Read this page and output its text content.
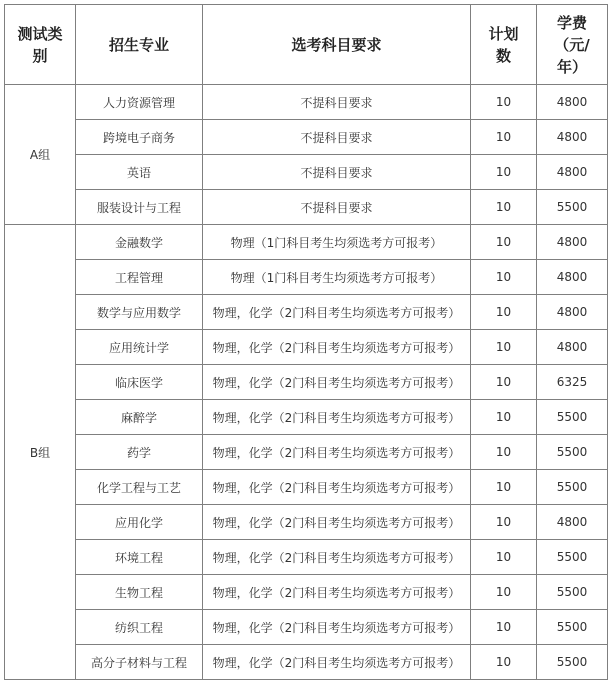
测试类别	招生专业	选考科目要求	计划数	学费（元/年）
A组	人力资源管理	不提科目要求	10	4800
	跨境电子商务	不提科目要求	10	4800
	英语	不提科目要求	10	4800
	服装设计与工程	不提科目要求	10	5500
B组	金融数学	物理（1门科目考生均须选考方可报考）	10	4800
	工程管理	物理（1门科目考生均须选考方可报考）	10	4800
	数学与应用数学	物理，化学（2门科目考生均须选考方可报考）	10	4800
	应用统计学	物理，化学（2门科目考生均须选考方可报考）	10	4800
	临床医学	物理，化学（2门科目考生均须选考方可报考）	10	6325
	麻醉学	物理，化学（2门科目考生均须选考方可报考）	10	5500
	药学	物理，化学（2门科目考生均须选考方可报考）	10	5500
	化学工程与工艺	物理，化学（2门科目考生均须选考方可报考）	10	5500
	应用化学	物理，化学（2门科目考生均须选考方可报考）	10	4800
	环境工程	物理，化学（2门科目考生均须选考方可报考）	10	5500
	生物工程	物理，化学（2门科目考生均须选考方可报考）	10	5500
	纺织工程	物理，化学（2门科目考生均须选考方可报考）	10	5500
	高分子材料与工程	物理，化学（2门科目考生均须选考方可报考）	10	5500
